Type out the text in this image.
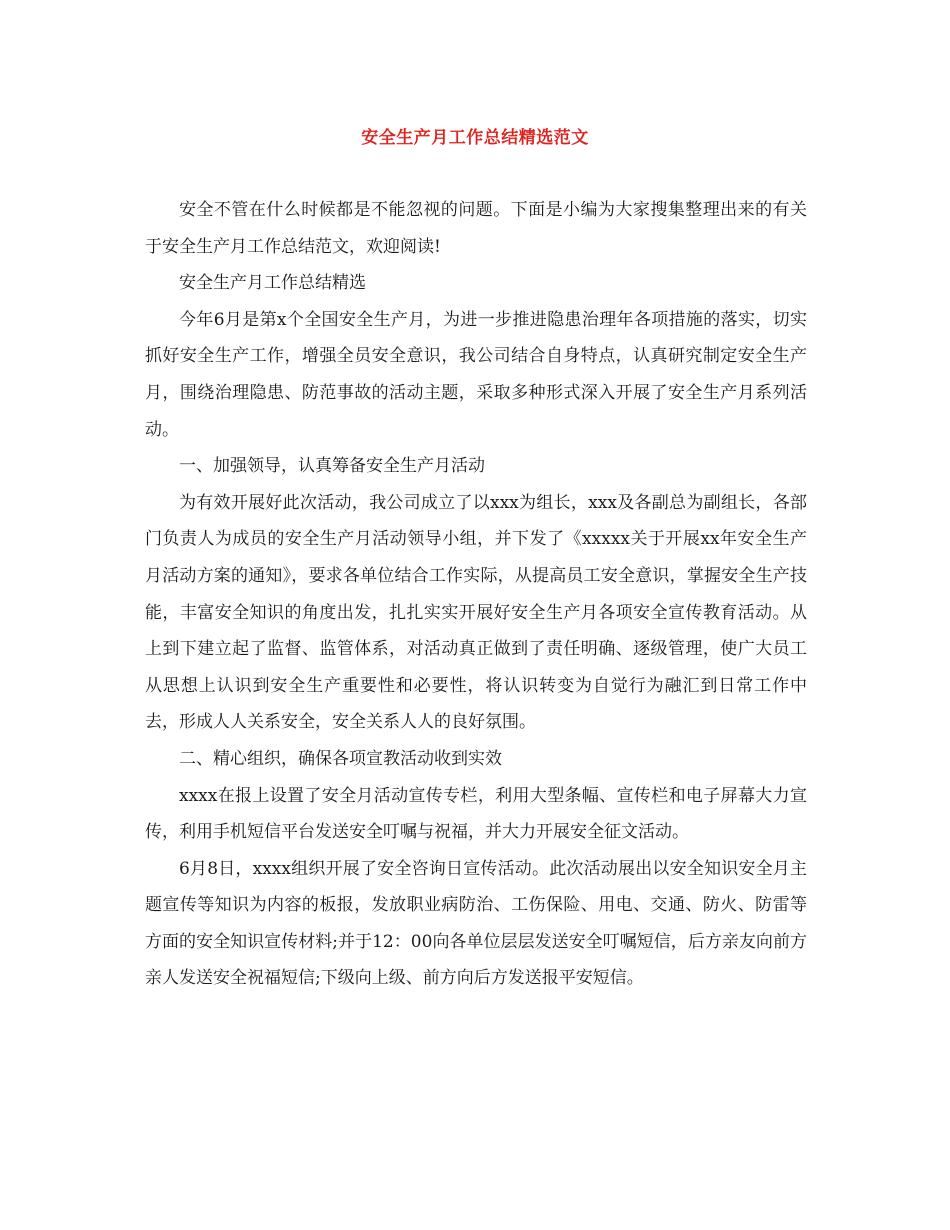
安全生产月工作总结精选范文

安全不管在什么时候都是不能忽视的问题。下面是小编为大家搜集整理出来的有关于安全生产月工作总结范文，欢迎阅读!

安全生产月工作总结精选

今年6月是第x个全国安全生产月，为进一步推进隐患治理年各项措施的落实，切实抓好安全生产工作，增强全员安全意识，我公司结合自身特点，认真研究制定安全生产月，围绕治理隐患、防范事故的活动主题，采取多种形式深入开展了安全生产月系列活动。

一、加强领导，认真筹备安全生产月活动

为有效开展好此次活动，我公司成立了以xxx为组长，xxx及各副总为副组长，各部门负责人为成员的安全生产月活动领导小组，并下发了《xxxxx关于开展xx年安全生产月活动方案的通知》，要求各单位结合工作实际，从提高员工安全意识，掌握安全生产技能，丰富安全知识的角度出发，扎扎实实开展好安全生产月各项安全宣传教育活动。从上到下建立起了监督、监管体系，对活动真正做到了责任明确、逐级管理，使广大员工从思想上认识到安全生产重要性和必要性，将认识转变为自觉行为融汇到日常工作中去，形成人人关系安全，安全关系人人的良好氛围。

二、精心组织，确保各项宣教活动收到实效

xxxx在报上设置了安全月活动宣传专栏，利用大型条幅、宣传栏和电子屏幕大力宣传，利用手机短信平台发送安全叮嘱与祝福，并大力开展安全征文活动。

6月8日，xxxx组织开展了安全咨询日宣传活动。此次活动展出以安全知识安全月主题宣传等知识为内容的板报，发放职业病防治、工伤保险、用电、交通、防火、防雷等方面的安全知识宣传材料;并于12：00向各单位层层发送安全叮嘱短信，后方亲友向前方亲人发送安全祝福短信;下级向上级、前方向后方发送报平安短信。
